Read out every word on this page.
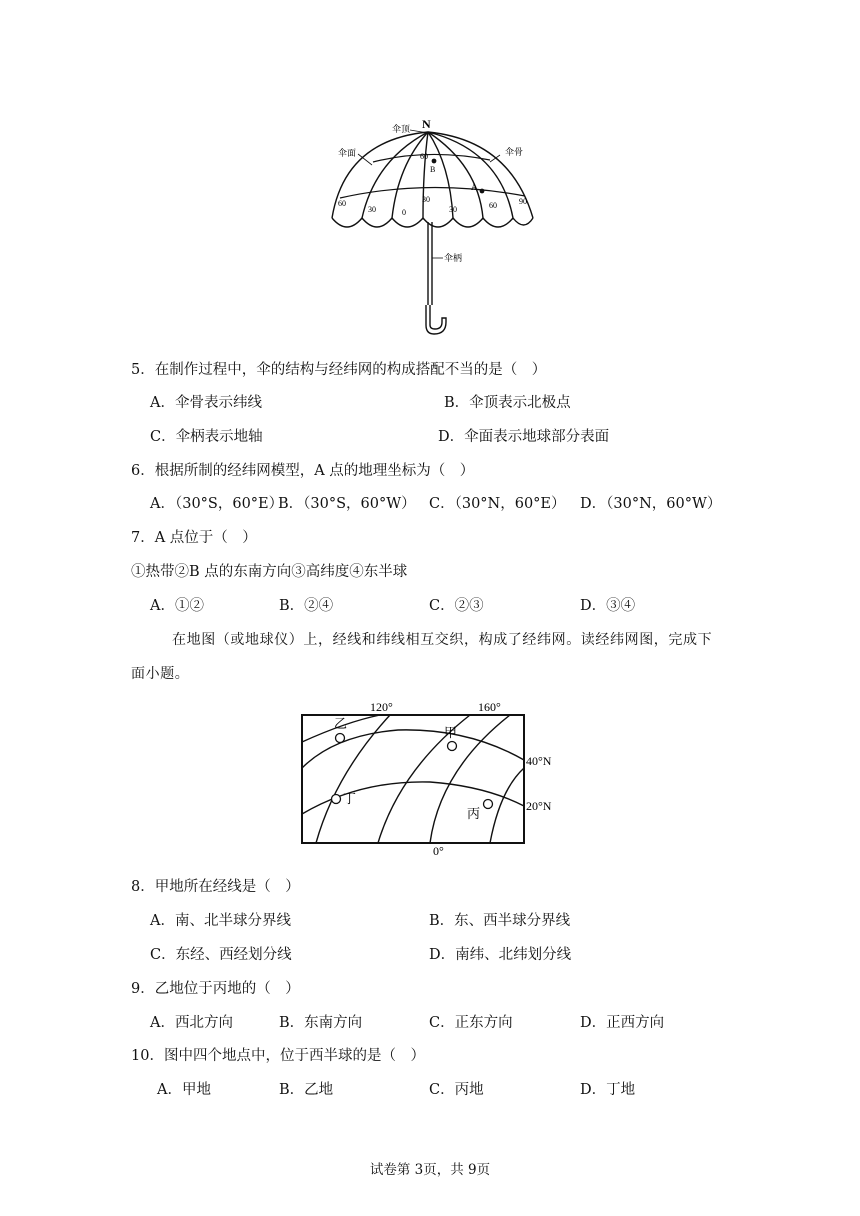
N
伞顶
伞面	伞骨
伞柄
A
B
60
30
60
30	0	30	60	90
5．在制作过程中，伞的结构与经纬网的构成搭配不当的是（　）
A．伞骨表示纬线	B．伞顶表示北极点
C．伞柄表示地轴	D．伞面表示地球部分表面
6．根据所制的经纬网模型，A 点的地理坐标为（　）
A．（30°S，60°E）
B．（30°S，60°W） C．（30°N，60°E） D．（30°N，60°W）
7．A 点位于（　）
①热带②B 点的东南方向③高纬度④东半球
A．①②	B．②④	C．②③	D．③④
在地图（或地球仪）上，经线和纬线相互交织，构成了经纬网。读经纬网图，完成下
面小题。
120°	160°
0°
40°N
20°N
乙
甲
丁
丙
8．甲地所在经线是（　）
A．南、北半球分界线	B．东、西半球分界线
C．东经、西经划分线	D．南纬、北纬划分线
9．乙地位于丙地的（　）
A．西北方向	B．东南方向	C．正东方向	D．正西方向
10．图中四个地点中，位于西半球的是（　）
A．甲地	B．乙地	C．丙地	D．丁地
试卷第 3页，共 9页
